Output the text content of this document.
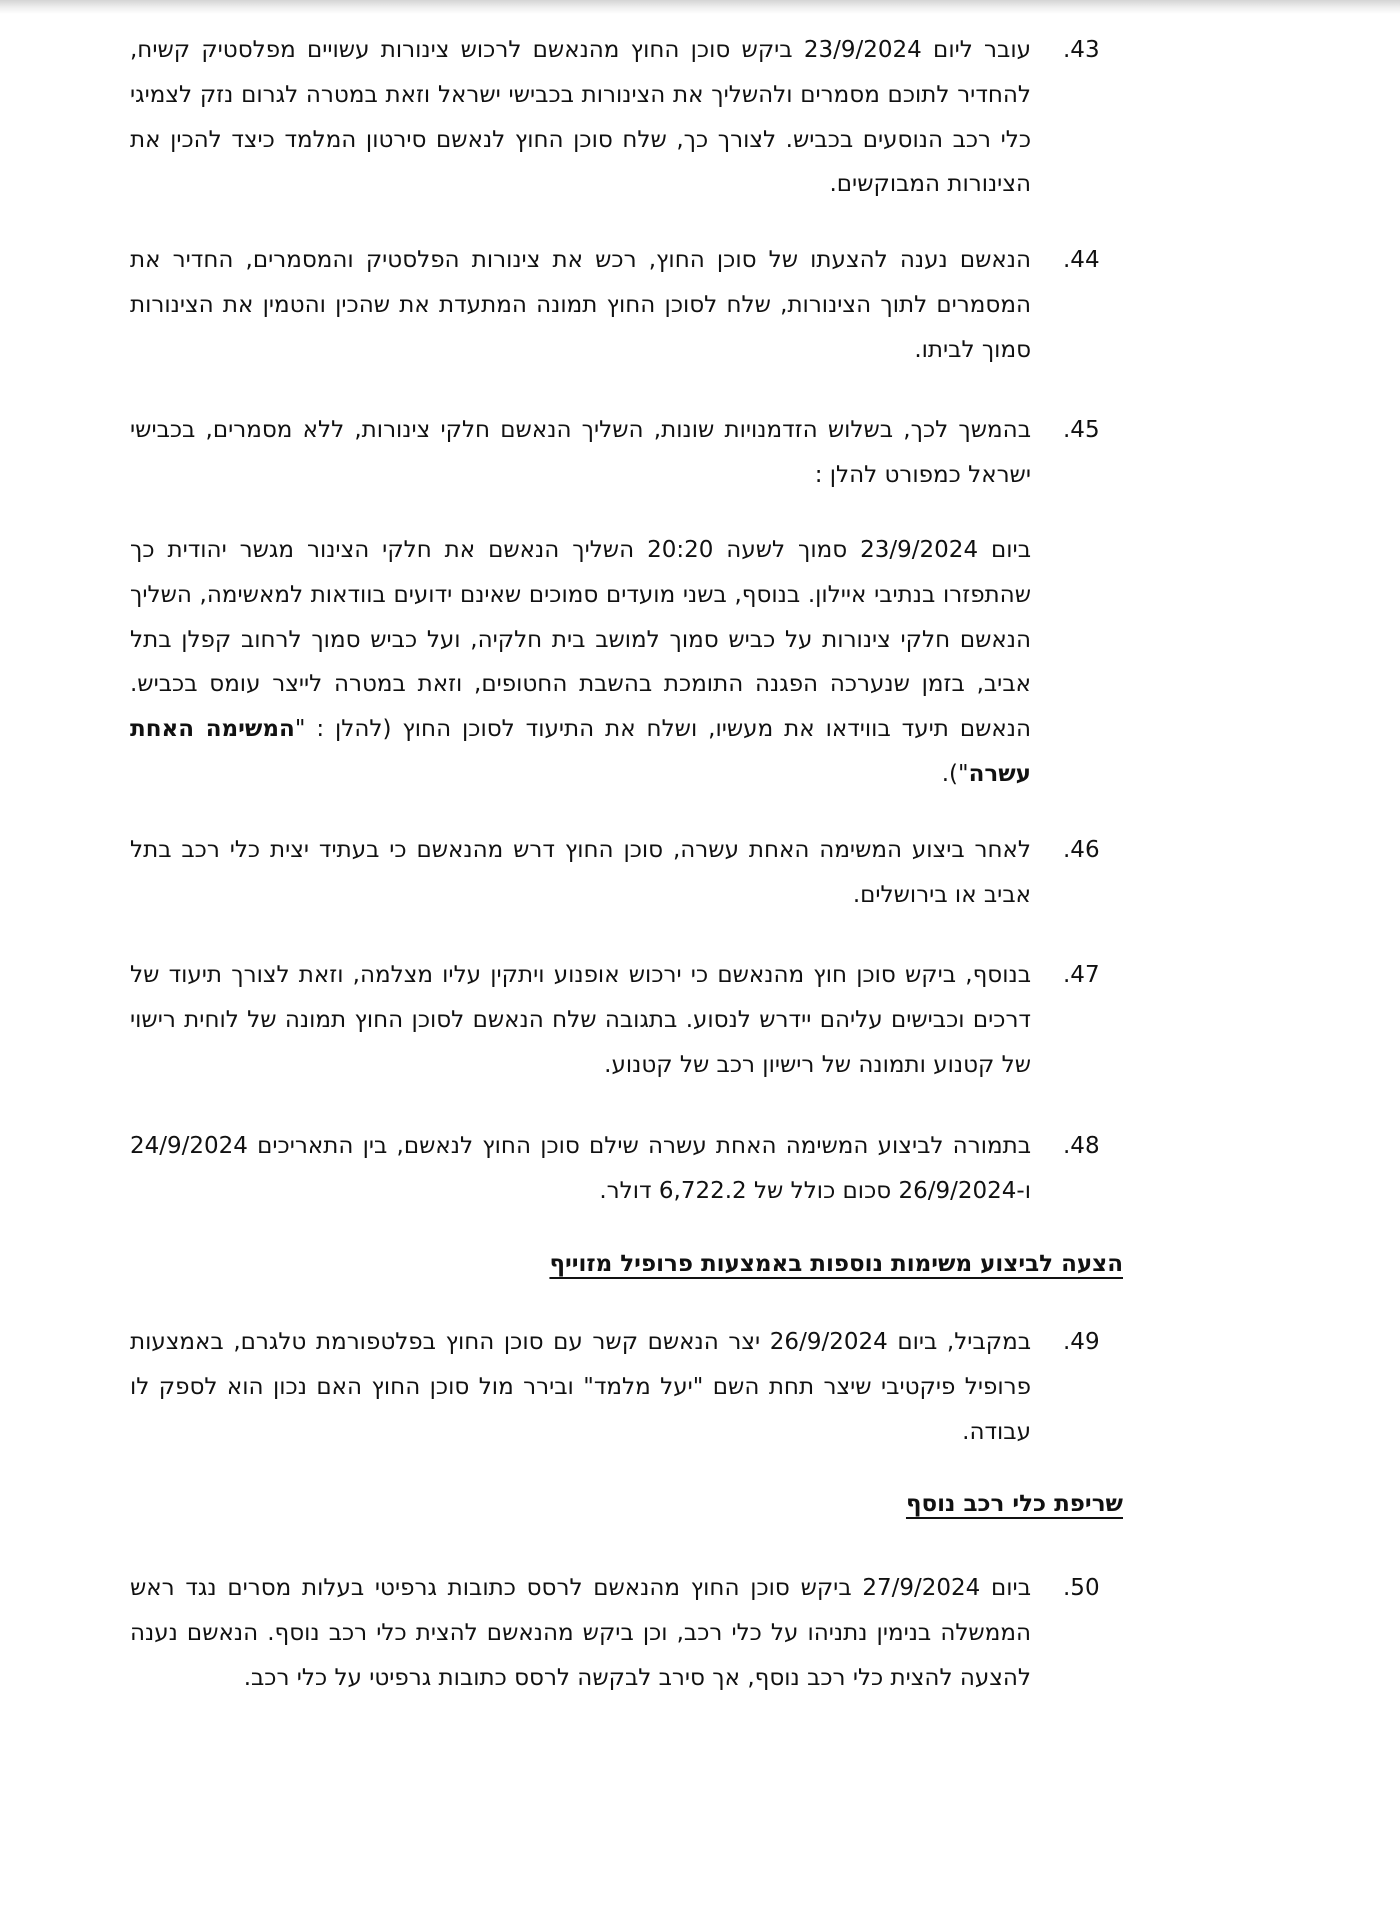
.43
עובר ליום 23/9/2024 ביקש סוכן החוץ מהנאשם לרכוש צינורות עשויים מפלסטיק קשיח, להחדיר לתוכם מסמרים ולהשליך את הצינורות בכבישי ישראל וזאת במטרה לגרום נזק לצמיגי כלי רכב הנוסעים בכביש. לצורך כך, שלח סוכן החוץ לנאשם סירטון המלמד כיצד להכין את הצינורות המבוקשים.
.44
הנאשם נענה להצעתו של סוכן החוץ, רכש את צינורות הפלסטיק והמסמרים, החדיר את המסמרים לתוך הצינורות, שלח לסוכן החוץ תמונה המתעדת את שהכין והטמין את הצינורות סמוך לביתו.
.45
בהמשך לכך, בשלוש הזדמנויות שונות, השליך הנאשם חלקי צינורות, ללא מסמרים, בכבישי ישראל כמפורט להלן :
ביום 23/9/2024 סמוך לשעה 20:20 השליך הנאשם את חלקי הצינור מגשר יהודית כך שהתפזרו בנתיבי איילון. בנוסף, בשני מועדים סמוכים שאינם ידועים בוודאות למאשימה, השליך הנאשם חלקי צינורות על כביש סמוך למושב בית חלקיה, ועל כביש סמוך לרחוב קפלן בתל אביב, בזמן שנערכה הפגנה התומכת בהשבת החטופים, וזאת במטרה לייצר עומס בכביש. הנאשם תיעד בווידאו את מעשיו, ושלח את התיעוד לסוכן החוץ (להלן : "המשימה האחת עשרה").
.46
לאחר ביצוע המשימה האחת עשרה, סוכן החוץ דרש מהנאשם כי בעתיד יצית כלי רכב בתל אביב או בירושלים.
.47
בנוסף, ביקש סוכן חוץ מהנאשם כי ירכוש אופנוע ויתקין עליו מצלמה, וזאת לצורך תיעוד של דרכים וכבישים עליהם יידרש לנסוע. בתגובה שלח הנאשם לסוכן החוץ תמונה של לוחית רישוי של קטנוע ותמונה של רישיון רכב של קטנוע.
.48
בתמורה לביצוע המשימה האחת עשרה שילם סוכן החוץ לנאשם, בין התאריכים 24/9/2024 ו-26/9/2024 סכום כולל של 6,722.2 דולר.
הצעה לביצוע משימות נוספות באמצעות פרופיל מזוייף
.49
במקביל, ביום 26/9/2024 יצר הנאשם קשר עם סוכן החוץ בפלטפורמת טלגרם, באמצעות פרופיל פיקטיבי שיצר תחת השם "יעל מלמד" ובירר מול סוכן החוץ האם נכון הוא לספק לו עבודה.
שריפת כלי רכב נוסף
.50
ביום 27/9/2024 ביקש סוכן החוץ מהנאשם לרסס כתובות גרפיטי בעלות מסרים נגד ראש הממשלה בנימין נתניהו על כלי רכב, וכן ביקש מהנאשם להצית כלי רכב נוסף. הנאשם נענה להצעה להצית כלי רכב נוסף, אך סירב לבקשה לרסס כתובות גרפיטי על כלי רכב.
